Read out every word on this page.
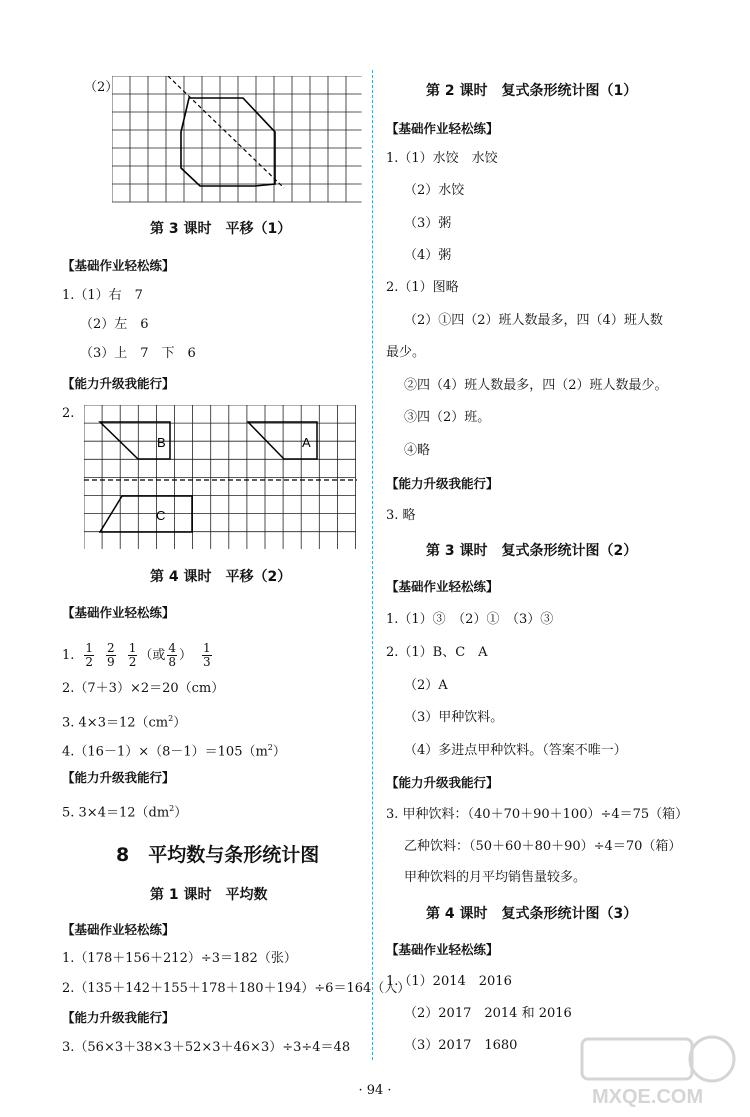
（2）
第 3 课时　平移（1）
【基础作业轻松练】
1.（1）右　7
（2）左　6
（3）上　7　下　6
【能力升级我能行】
2.
B	A
C
第 4 课时　平移（2）
【基础作业轻松练】
1. $\frac{1}{2} \frac{2}{9} \frac{1}{2}$ （或 $\frac{4}{8}$ ） $\frac{1}{3}$
2.（7＋3）×2＝20（cm）
3. $4\times 3=12(cm^2)$
$4.(16-1)\times(8-1)=105(m^2)$
【能力升级我能行】
5. $3\times 4=12(dm^2)$
8　平均数与条形统计图
第 1 课时　平均数
【基础作业轻松练】
1.（178＋156＋212）÷3＝182（张）
2.（135＋142＋155＋178＋180＋194）÷6＝164（人）
【能力升级我能行】
3.（56×3＋38×3＋52×3＋46×3）÷3÷4＝48
第 2 课时　复式条形统计图（1）
【基础作业轻松练】
1.（1）水饺　水饺
（2）水饺
（3）粥
（4）粥
2.（1）图略
（2）①四（2）班人数最多，四（4）班人数
最少。
②四（4）班人数最多，四（2）班人数最少。
③四（2）班。
④略
【能力升级我能行】
3. 略
第 3 课时　复式条形统计图（2）
【基础作业轻松练】
1.（1）③　（2）①　（3）③
2.（1）B、C　A
（2）A
（3）甲种饮料。
（4）多进点甲种饮料。（答案不唯一）
【能力升级我能行】
3. 甲种饮料：（40＋70＋90＋100）÷4＝75（箱）
乙种饮料：（50＋60＋80＋90）÷4＝70（箱）
甲种饮料的月平均销售量较多。
第 4 课时　复式条形统计图（3）
【基础作业轻松练】
1.（1）2014　2016
（2）2017　2014 和 2016
（3）2017　1680
· 94 ·	MXQE.COM
